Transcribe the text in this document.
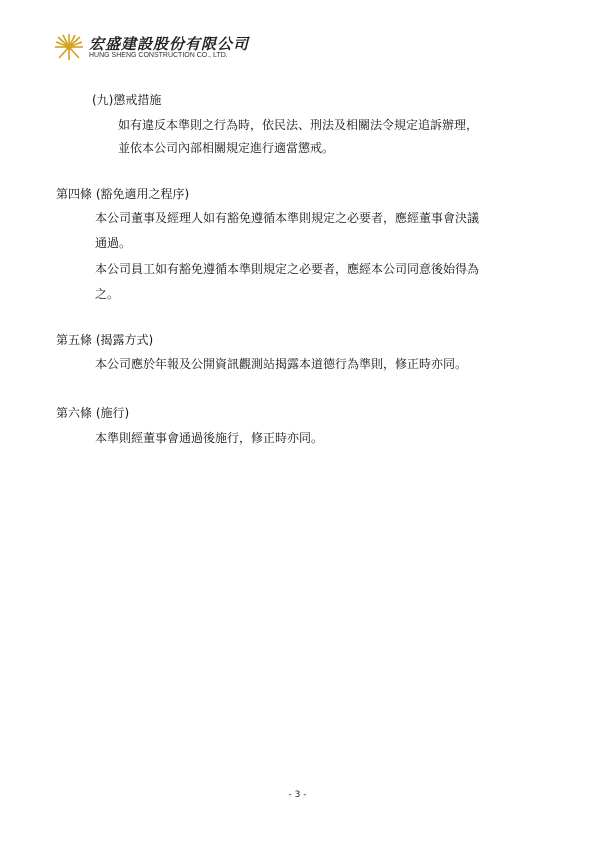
宏盛建設股份有限公司
HUNG SHENG CONSTRUCTION CO., LTD.
(九)懲戒措施
如有違反本準則之行為時，依民法、刑法及相關法令規定追訴辦理，
並依本公司內部相關規定進行適當懲戒。
第四條 (豁免適用之程序)
本公司董事及經理人如有豁免遵循本準則規定之必要者，應經董事會決議
通過。
本公司員工如有豁免遵循本準則規定之必要者，應經本公司同意後始得為
之。
第五條 (揭露方式)
本公司應於年報及公開資訊觀測站揭露本道德行為準則，修正時亦同。
第六條 (施行)
本準則經董事會通過後施行，修正時亦同。
- 3 -
